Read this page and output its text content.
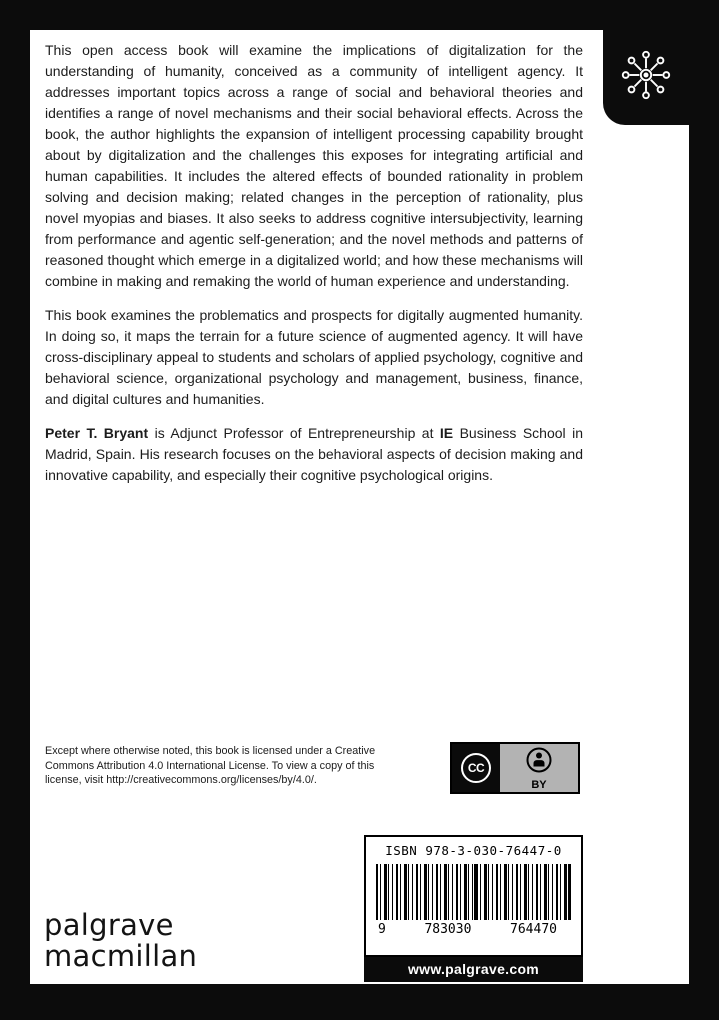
This open access book will examine the implications of digitalization for the understanding of humanity, conceived as a community of intelligent agency. It addresses important topics across a range of social and behavioral theories and identifies a range of novel mechanisms and their social behavioral effects. Across the book, the author highlights the expansion of intelligent processing capability brought about by digitalization and the challenges this exposes for integrating artificial and human capabilities. It includes the altered effects of bounded rationality in problem solving and decision making; related changes in the perception of rationality, plus novel myopias and biases. It also seeks to address cognitive intersubjectivity, learning from performance and agentic self-generation; and the novel methods and patterns of reasoned thought which emerge in a digitalized world; and how these mechanisms will combine in making and remaking the world of human experience and understanding.

This book examines the problematics and prospects for digitally augmented humanity. In doing so, it maps the terrain for a future science of augmented agency. It will have cross-disciplinary appeal to students and scholars of applied psychology, cognitive and behavioral science, organizational psychology and management, business, finance, and digital cultures and humanities.

Peter T. Bryant is Adjunct Professor of Entrepreneurship at IE Business School in Madrid, Spain. His research focuses on the behavioral aspects of decision making and innovative capability, and especially their cognitive psychological origins.

Except where otherwise noted, this book is licensed under a Creative Commons Attribution 4.0 International License. To view a copy of this license, visit http://creativecommons.org/licenses/by/4.0/.
CC
BY
ISBN 978-3-030-76447-0
9	783030	764470
www.palgrave.com
palgrave
macmillan
